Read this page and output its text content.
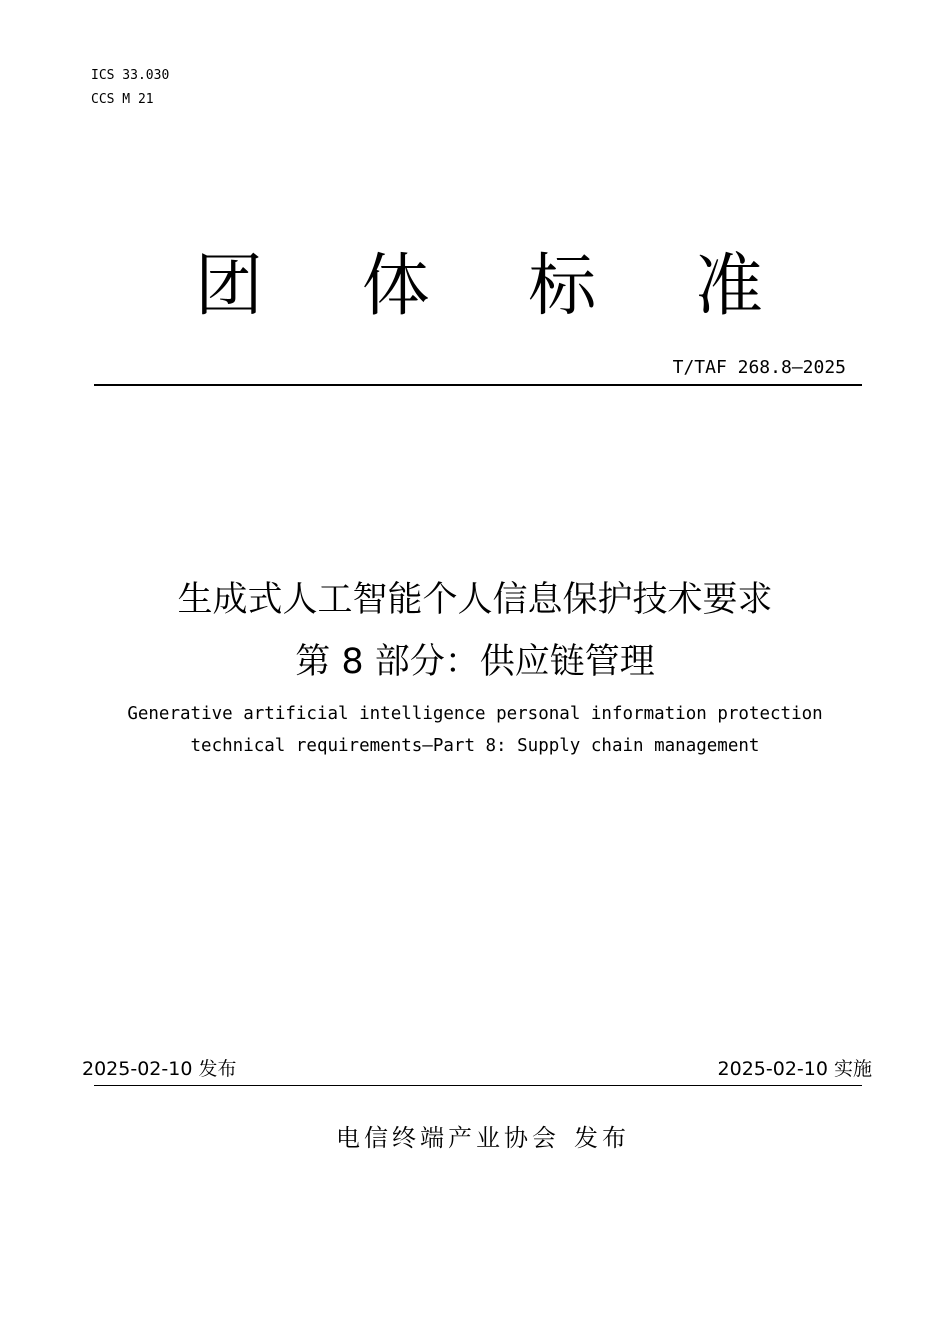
ICS 33.030
CCS M 21
团 体 标 准
T/TAF 268.8—2025
生成式人工智能个人信息保护技术要求
第 8 部分：供应链管理
Generative artificial intelligence personal information protection
technical requirements—Part 8: Supply chain management
2025-02-10 发布	2025-02-10 实施
电信终端产业协会 发布
